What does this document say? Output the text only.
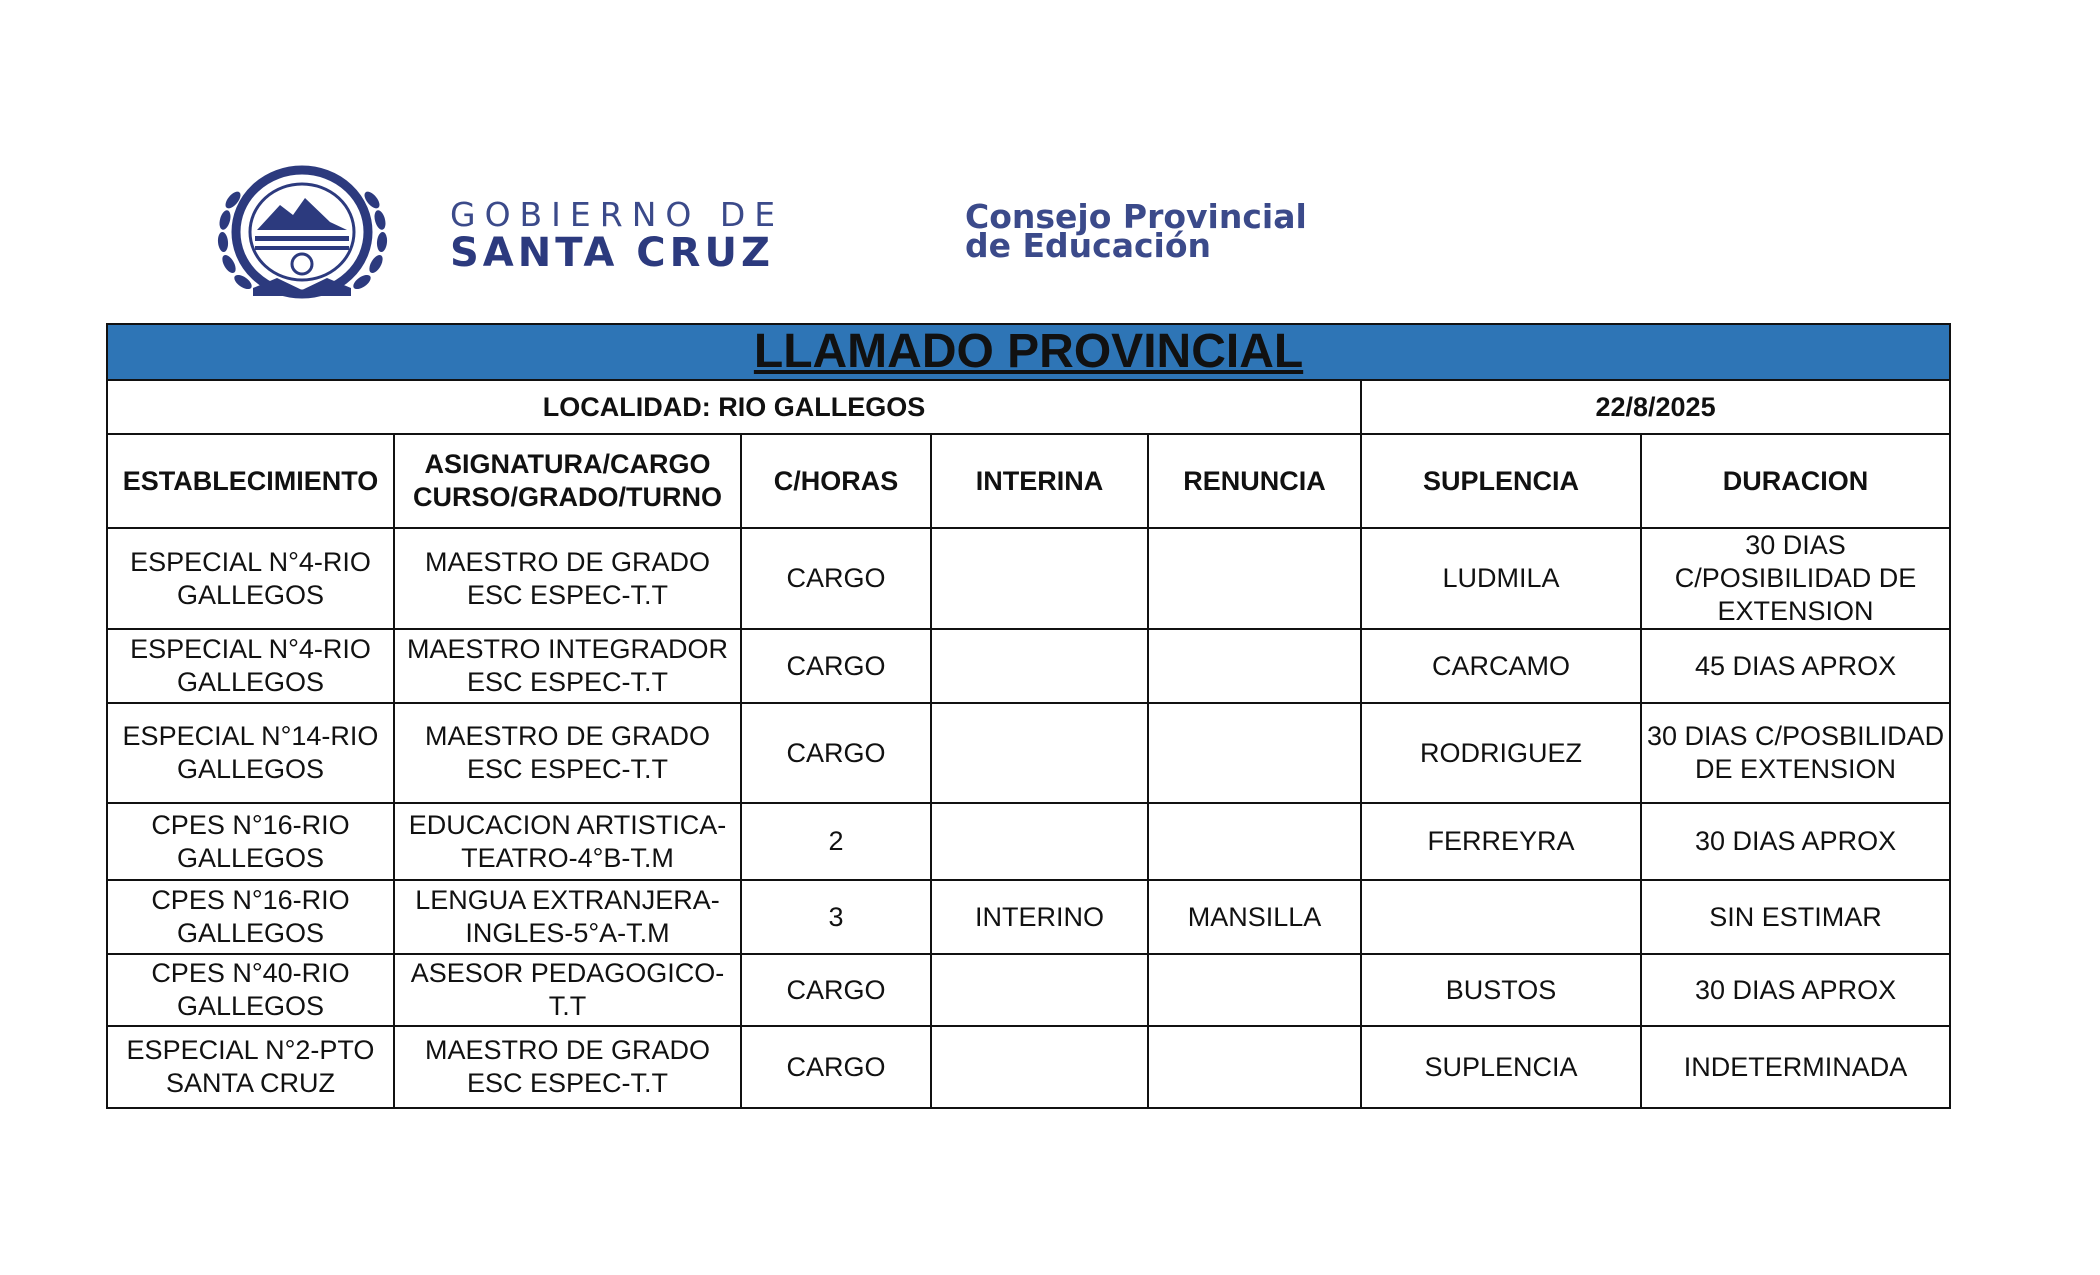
GOBIERNO DE
SANTA CRUZ
Consejo Provincial
de Educación
LLAMADO PROVINCIAL						
LOCALIDAD: RIO GALLEGOS					22/8/2025	
ESTABLECIMIENTO	ASIGNATURA/CARGO CURSO/GRADO/TURNO	C/HORAS	INTERINA	RENUNCIA	SUPLENCIA	DURACION
ESPECIAL N°4-RIO GALLEGOS	MAESTRO DE GRADO ESC ESPEC-T.T	CARGO			LUDMILA	30 DIAS C/POSIBILIDAD DE EXTENSION
ESPECIAL N°4-RIO GALLEGOS	MAESTRO INTEGRADOR ESC ESPEC-T.T	CARGO			CARCAMO	45 DIAS APROX
ESPECIAL N°14-RIO GALLEGOS	MAESTRO DE GRADO ESC ESPEC-T.T	CARGO			RODRIGUEZ	30 DIAS C/POSBILIDAD DE EXTENSION
CPES N°16-RIO GALLEGOS	EDUCACION ARTISTICA-TEATRO-4°B-T.M	2			FERREYRA	30 DIAS APROX
CPES N°16-RIO GALLEGOS	LENGUA EXTRANJERA-INGLES-5°A-T.M	3	INTERINO	MANSILLA		SIN ESTIMAR
CPES N°40-RIO GALLEGOS	ASESOR PEDAGOGICO-T.T	CARGO			BUSTOS	30 DIAS APROX
ESPECIAL N°2-PTO SANTA CRUZ	MAESTRO DE GRADO ESC ESPEC-T.T	CARGO			SUPLENCIA	INDETERMINADA
